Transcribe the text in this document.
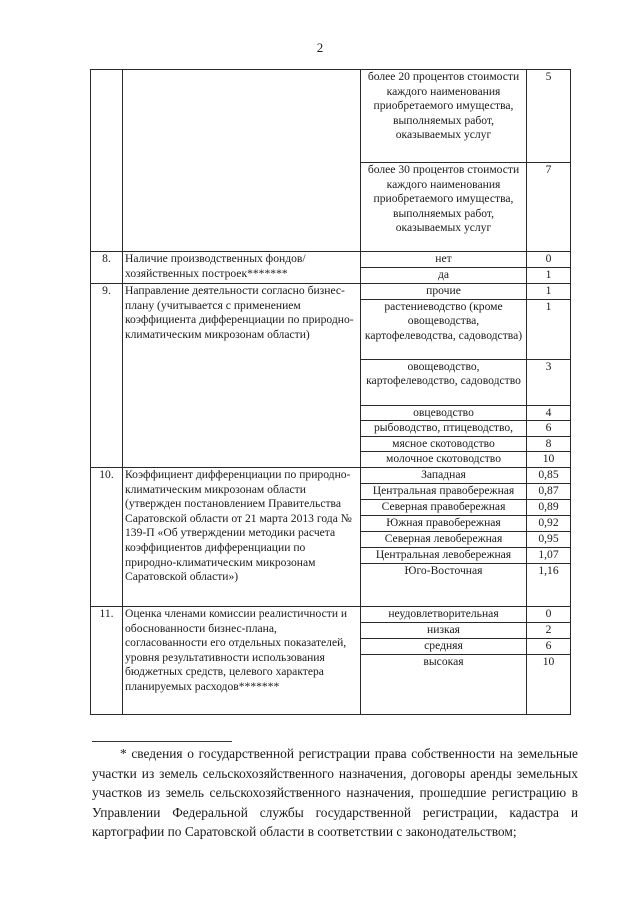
2
		более 20 процентов стоимости каждого наименования приобретаемого имущества, выполняемых работ, оказываемых услуг	5
		более 30 процентов стоимости каждого наименования приобретаемого имущества, выполняемых работ, оказываемых услуг	7
8.	Наличие производственных фондов/хозяйственных построек*******	нет	0
		да	1
9.	Направление деятельности согласно бизнес-плану (учитывается с применением коэффициента дифференциации по природно-климатическим микрозонам области)	прочие	1
		растениеводство (кроме овощеводства, картофелеводства, садоводства)	1
		овощеводство, картофелеводство, садоводство	3
		овцеводство	4
		рыбоводство, птицеводство,	6
		мясное скотоводство	8
		молочное скотоводство	10
10.	Коэффициент дифференциации по природно-климатическим микрозонам области (утвержден постановлением Правительства Саратовской области от 21 марта 2013 года № 139-П «Об утверждении методики расчета коэффициентов дифференциации по природно-климатическим микрозонам Саратовской области»)	Западная	0,85
		Центральная правобережная	0,87
		Северная правобережная	0,89
		Южная правобережная	0,92
		Северная левобережная	0,95
		Центральная левобережная	1,07
		Юго-Восточная	1,16
11.	Оценка членами комиссии реалистичности и обоснованности бизнес-плана, согласованности его отдельных показателей, уровня результативности использования бюджетных средств, целевого характера планируемых расходов*******	неудовлетворительная	0
		низкая	2
		средняя	6
		высокая	10
* сведения о государственной регистрации права собственности на земельные участки из земель сельскохозяйственного назначения, договоры аренды земельных участков из земель сельскохозяйственного назначения, прошедшие регистрацию в Управлении Федеральной службы государственной регистрации, кадастра и картографии по Саратовской области в соответствии с законодательством;
